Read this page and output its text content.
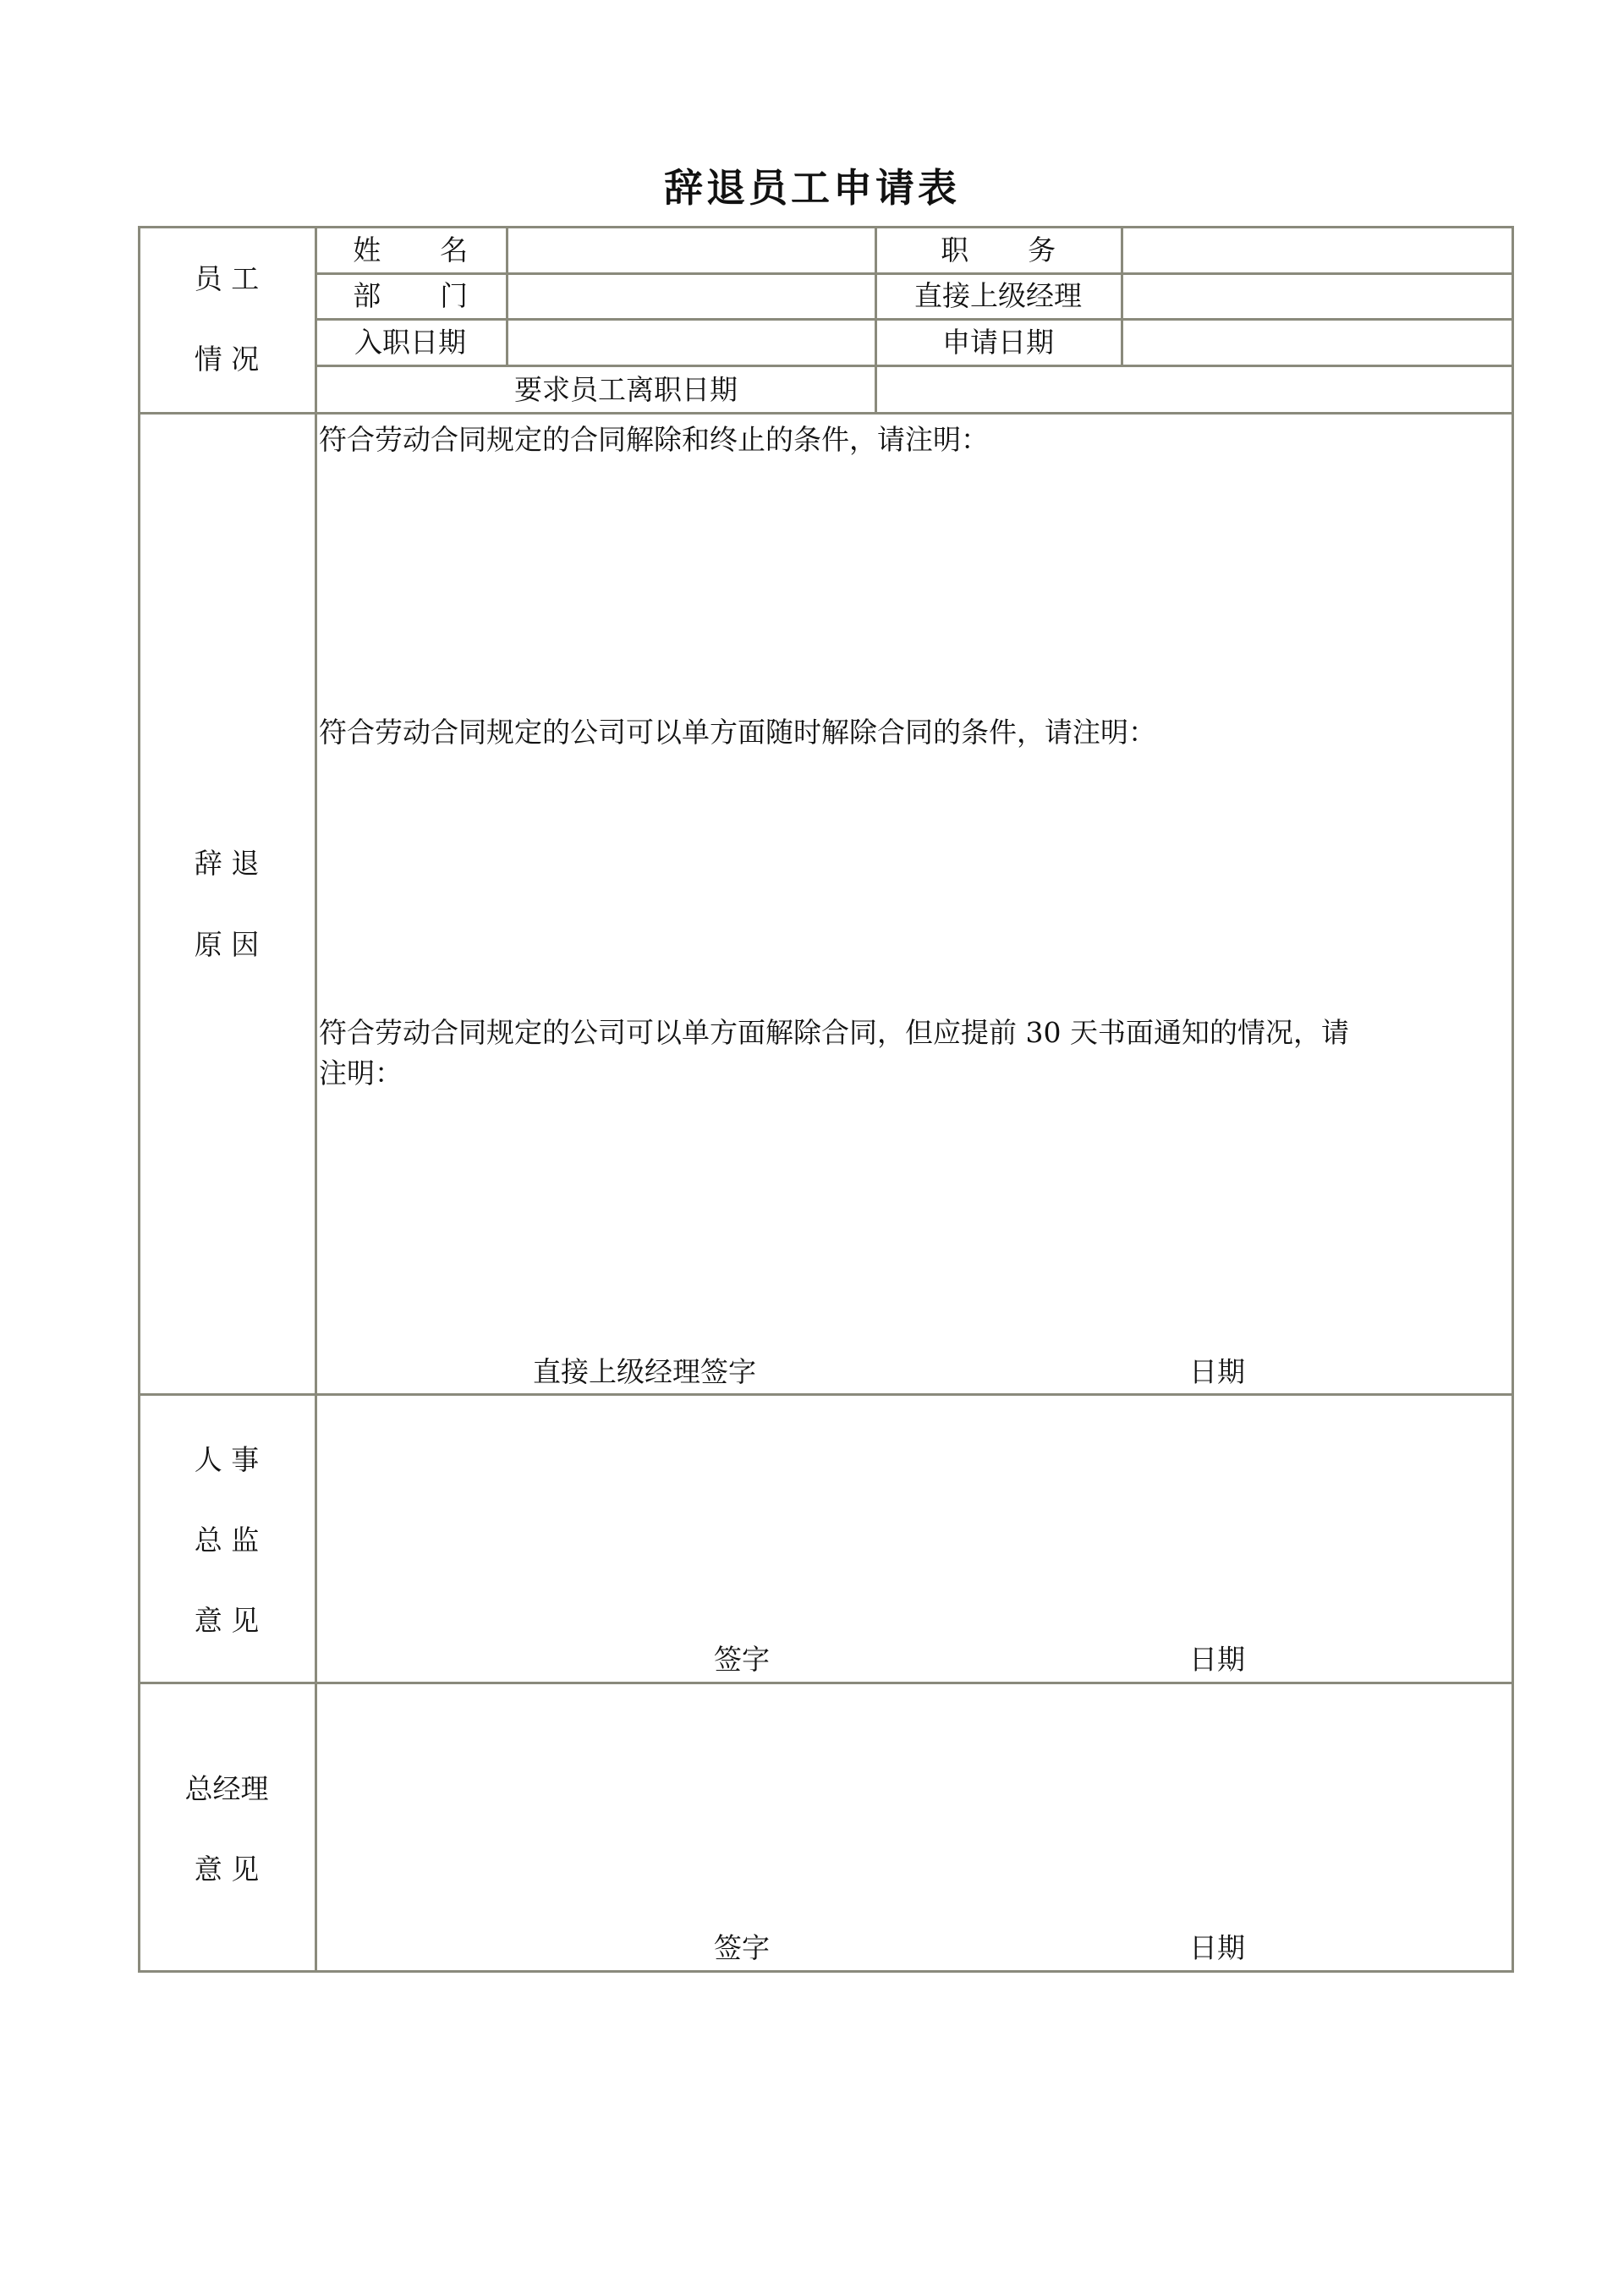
辞退员工申请表
员 工
情 况
姓 名	职 务
部 门	直接上级经理
入职日期	申请日期
要求员工离职日期
辞 退
原 因
符合劳动合同规定的合同解除和终止的条件，请注明：
符合劳动合同规定的公司可以单方面随时解除合同的条件，请注明：
符合劳动合同规定的公司可以单方面解除合同，但应提前 30 天书面通知的情况，请
注明：
直接上级经理签字	日期
人 事
总 监
意 见
签字	日期
总经理
意 见
签字	日期
